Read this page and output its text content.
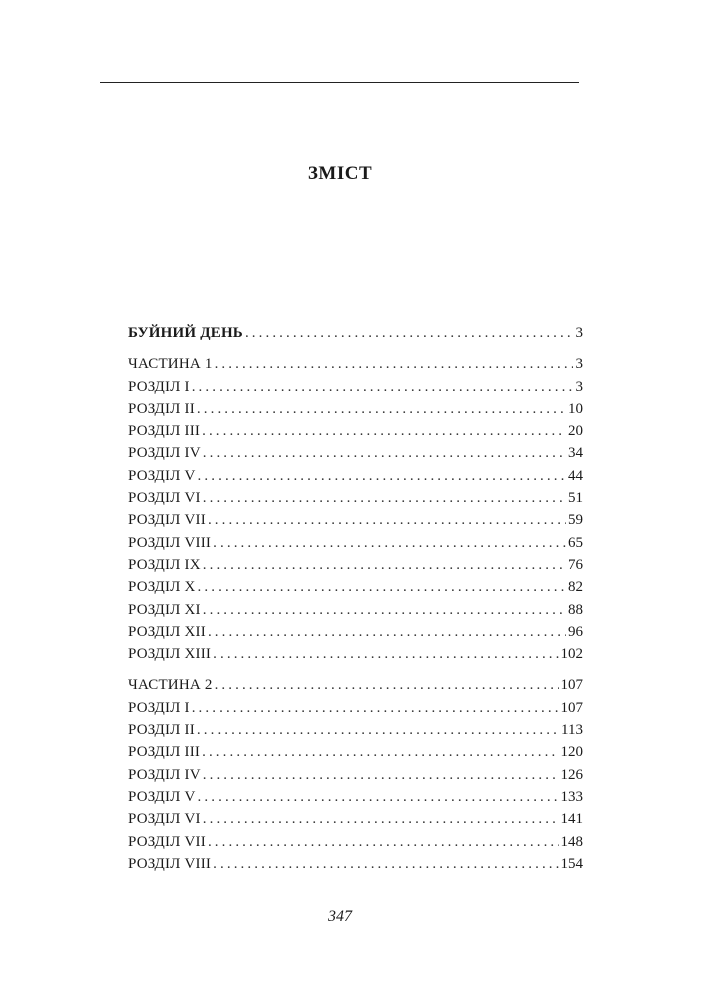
ЗМІСТ
БУЙНИЙ ДЕНЬ .....	3
ЧАСТИНА 1 .....	3
РОЗДІЛ I .....	3
РОЗДІЛ II .....	10
РОЗДІЛ III .....	20
РОЗДІЛ IV .....	34
РОЗДІЛ V .....	44
РОЗДІЛ VI .....	51
РОЗДІЛ VII .....	59
РОЗДІЛ VIII .....	65
РОЗДІЛ IX .....	76
РОЗДІЛ X .....	82
РОЗДІЛ XI .....	88
РОЗДІЛ XII .....	96
РОЗДІЛ XIII .....	102
ЧАСТИНА 2 .....	107
РОЗДІЛ I .....	107
РОЗДІЛ II .....	113
РОЗДІЛ III .....	120
РОЗДІЛ IV .....	126
РОЗДІЛ V .....	133
РОЗДІЛ VI .....	141
РОЗДІЛ VII .....	148
РОЗДІЛ VIII .....	154
347
